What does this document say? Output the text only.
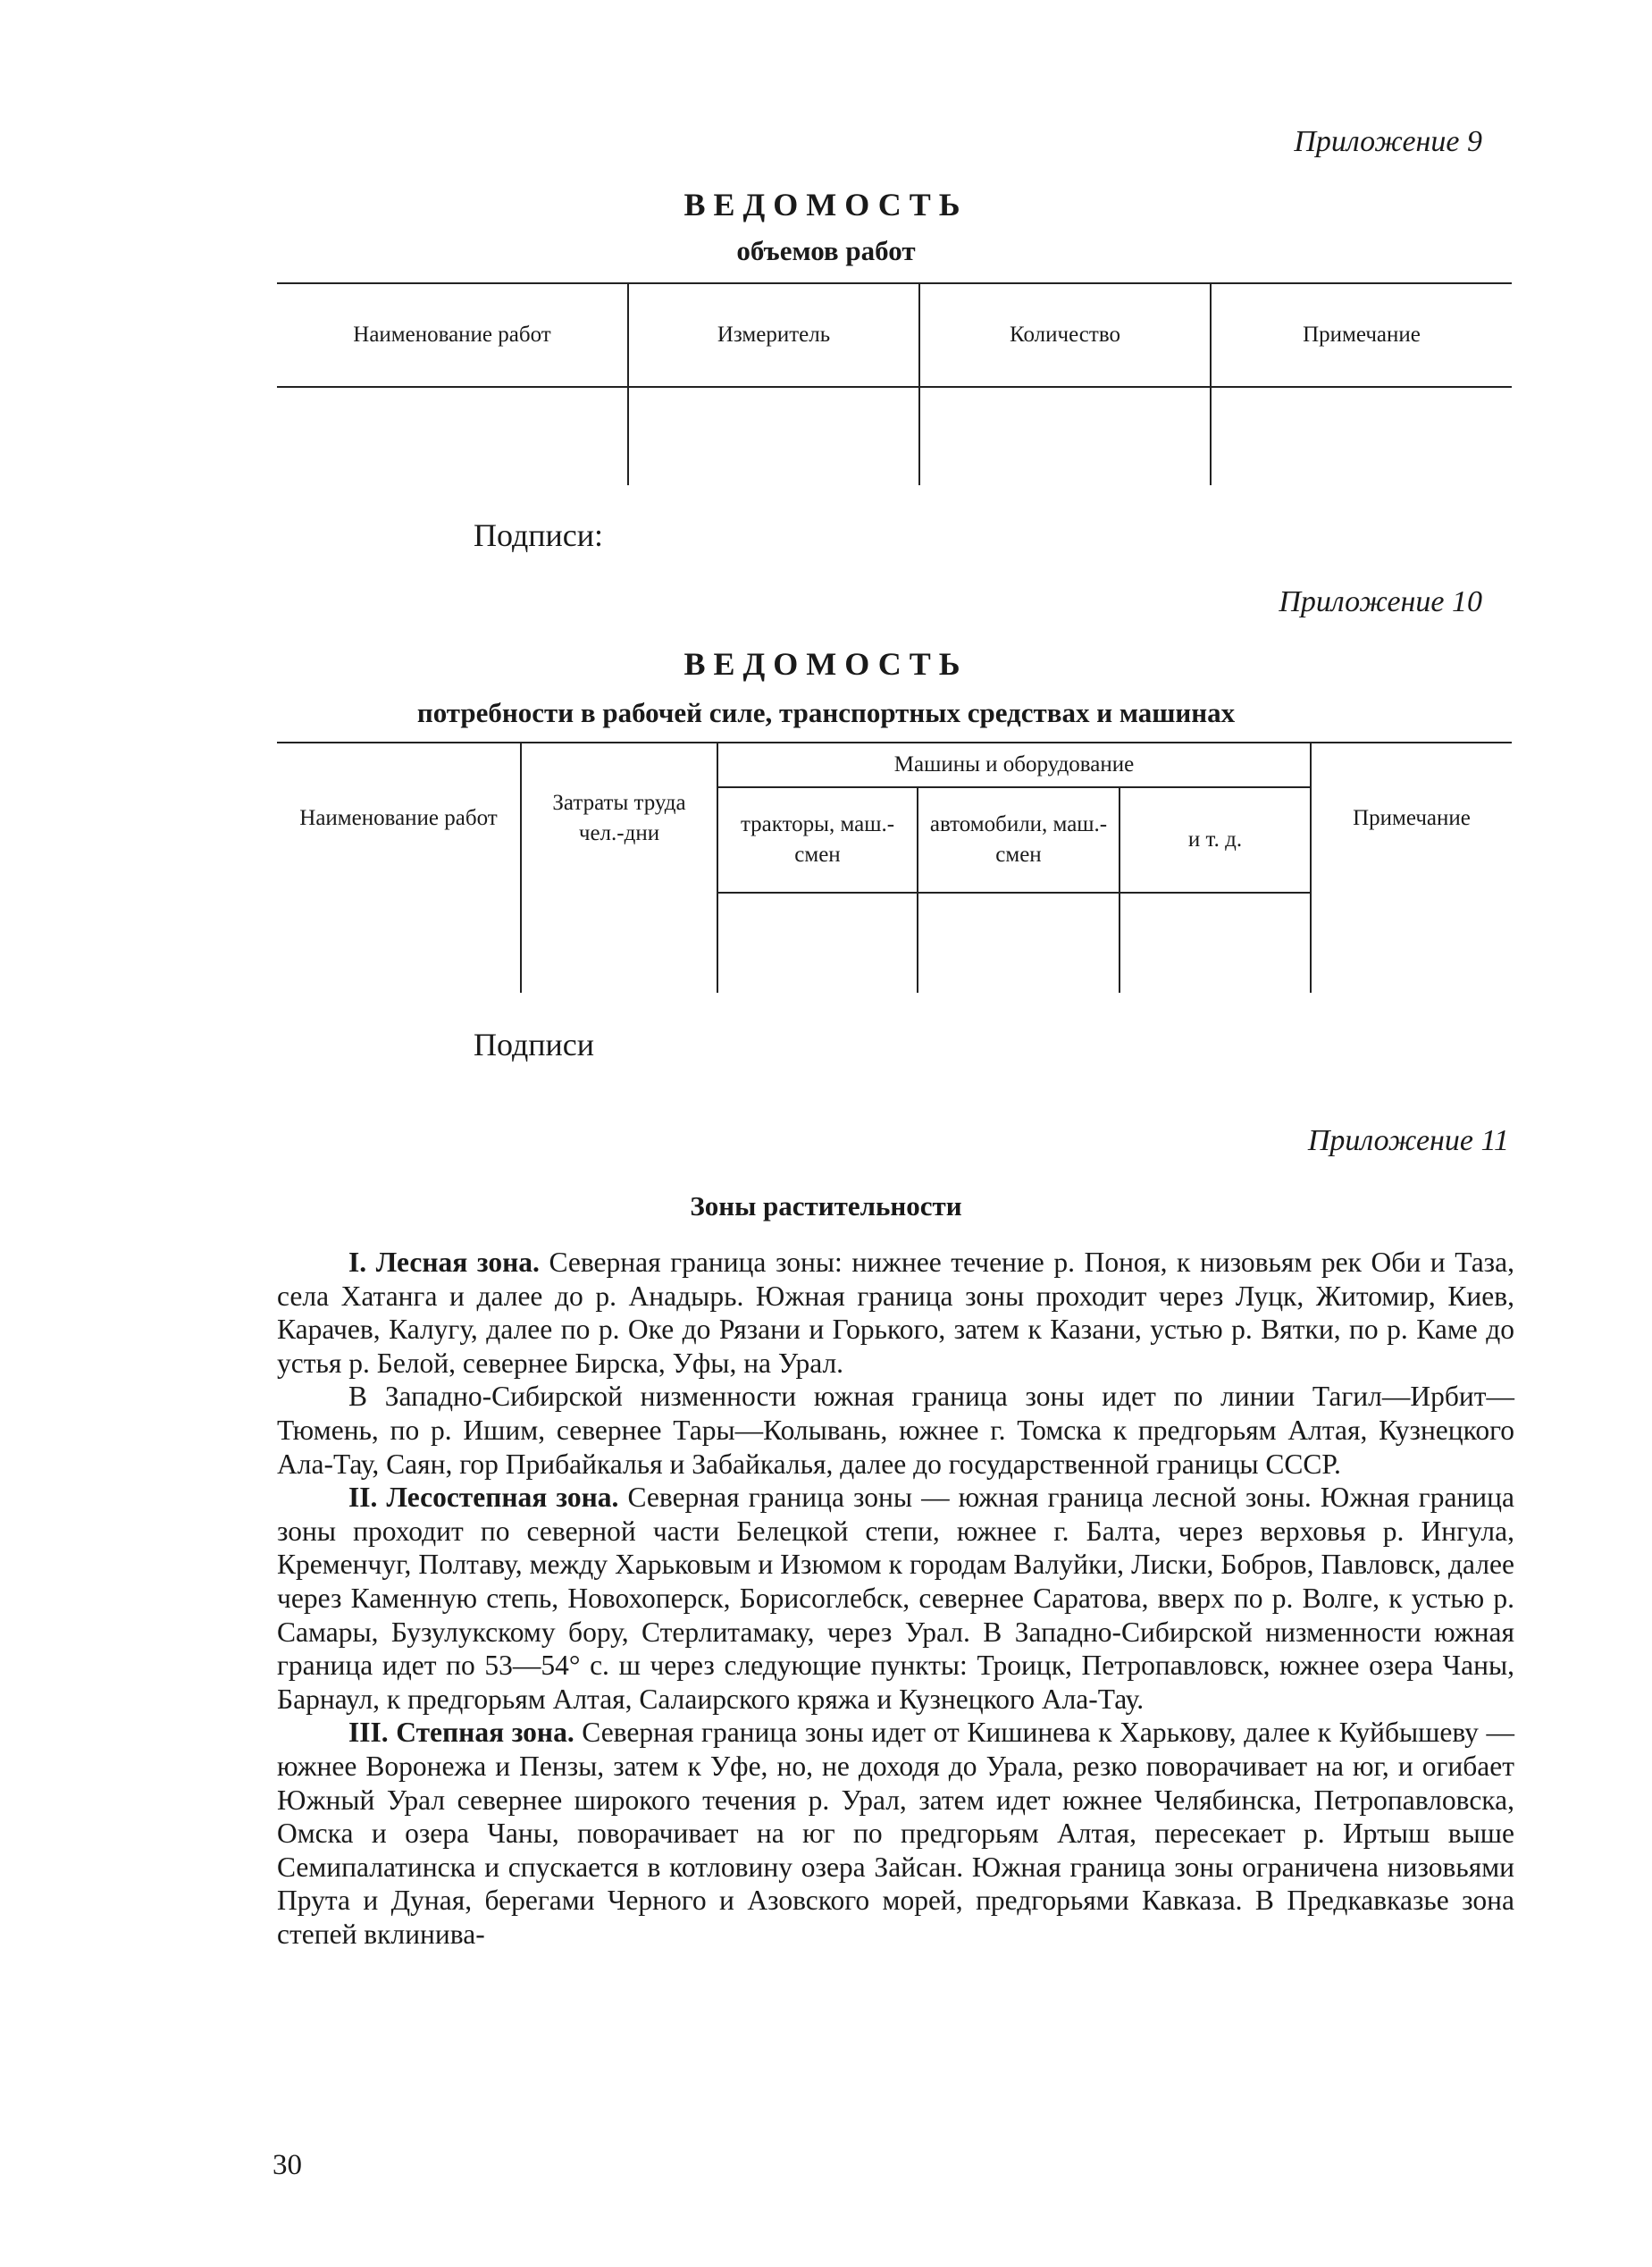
Приложение 9
ВЕДОМОСТЬ
объемов работ
Наименование работ	Измеритель	Количество	Примечание

Подписи:
Приложение 10
ВЕДОМОСТЬ
потребности в рабочей силе, транспортных средствах и машинах
Наименование работ	Затраты труда чел.-дни	Машины и оборудование			Примечание
		тракторы, маш.-смен	автомобили, маш.-смен	и т. д.	

Подписи
Приложение 11
Зоны растительности

I. Лесная зона. Северная граница зоны: нижнее течение р. Поноя, к низовьям рек Оби и Таза, села Хатанга и далее до р. Анадырь. Южная граница зоны проходит через Луцк, Житомир, Киев, Карачев, Калугу, далее по р. Оке до Рязани и Горького, затем к Казани, устью р. Вятки, по р. Каме до устья р. Белой, севернее Бирска, Уфы, на Урал.

В Западно-Сибирской низменности южная граница зоны идет по линии Тагил—Ирбит—Тюмень, по р. Ишим, севернее Тары—Колывань, южнее г. Томска к предгорьям Алтая, Кузнецкого Ала-Тау, Саян, гор Прибайкалья и Забайкалья, далее до государственной границы СССР.

II. Лесостепная зона. Северная граница зоны — южная граница лесной зоны. Южная граница зоны проходит по северной части Белецкой степи, южнее г. Балта, через верховья р. Ингула, Кременчуг, Полтаву, между Харьковым и Изюмом к городам Валуйки, Лиски, Бобров, Павловск, далее через Каменную степь, Новохоперск, Борисоглебск, севернее Саратова, вверх по р. Волге, к устью р. Самары, Бузулукскому бору, Стерлитамаку, через Урал. В Западно-Сибирской низменности южная граница идет по 53—54° с. ш через следующие пункты: Троицк, Петропавловск, южнее озера Чаны, Барнаул, к предгорьям Алтая, Салаирского кряжа и Кузнецкого Ала-Тау.

III. Степная зона. Северная граница зоны идет от Кишинева к Харькову, далее к Куйбышеву — южнее Воронежа и Пензы, затем к Уфе, но, не доходя до Урала, резко поворачивает на юг, и огибает Южный Урал севернее широкого течения р. Урал, затем идет южнее Челябинска, Петропавловска, Омска и озера Чаны, поворачивает на юг по предгорьям Алтая, пересекает р. Иртыш выше Семипалатинска и спускается в котловину озера Зайсан. Южная граница зоны ограничена низовьями Прута и Дуная, берегами Черного и Азовского морей, предгорьями Кавказа. В Предкавказье зона степей вклинива-

30
